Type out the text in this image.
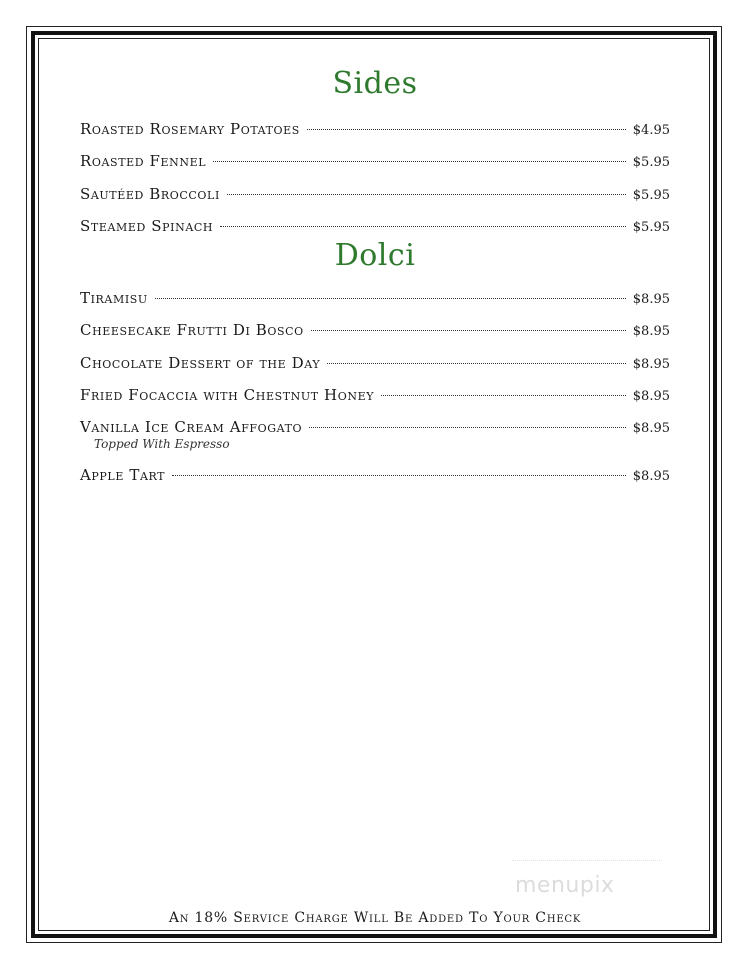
Sides
Roasted Rosemary Potatoes	$4.95
Roasted Fennel	$5.95
Sautéed Broccoli	$5.95
Steamed Spinach	$5.95
Dolci
Tiramisu	$8.95
Cheesecake Frutti Di Bosco	$8.95
Chocolate Dessert of the Day	$8.95
Fried Focaccia with Chestnut Honey	$8.95
Vanilla Ice Cream Affogato	$8.95
Topped With Espresso
Apple Tart	$8.95
menupix
An 18% Service Charge Will Be Added To Your Check
